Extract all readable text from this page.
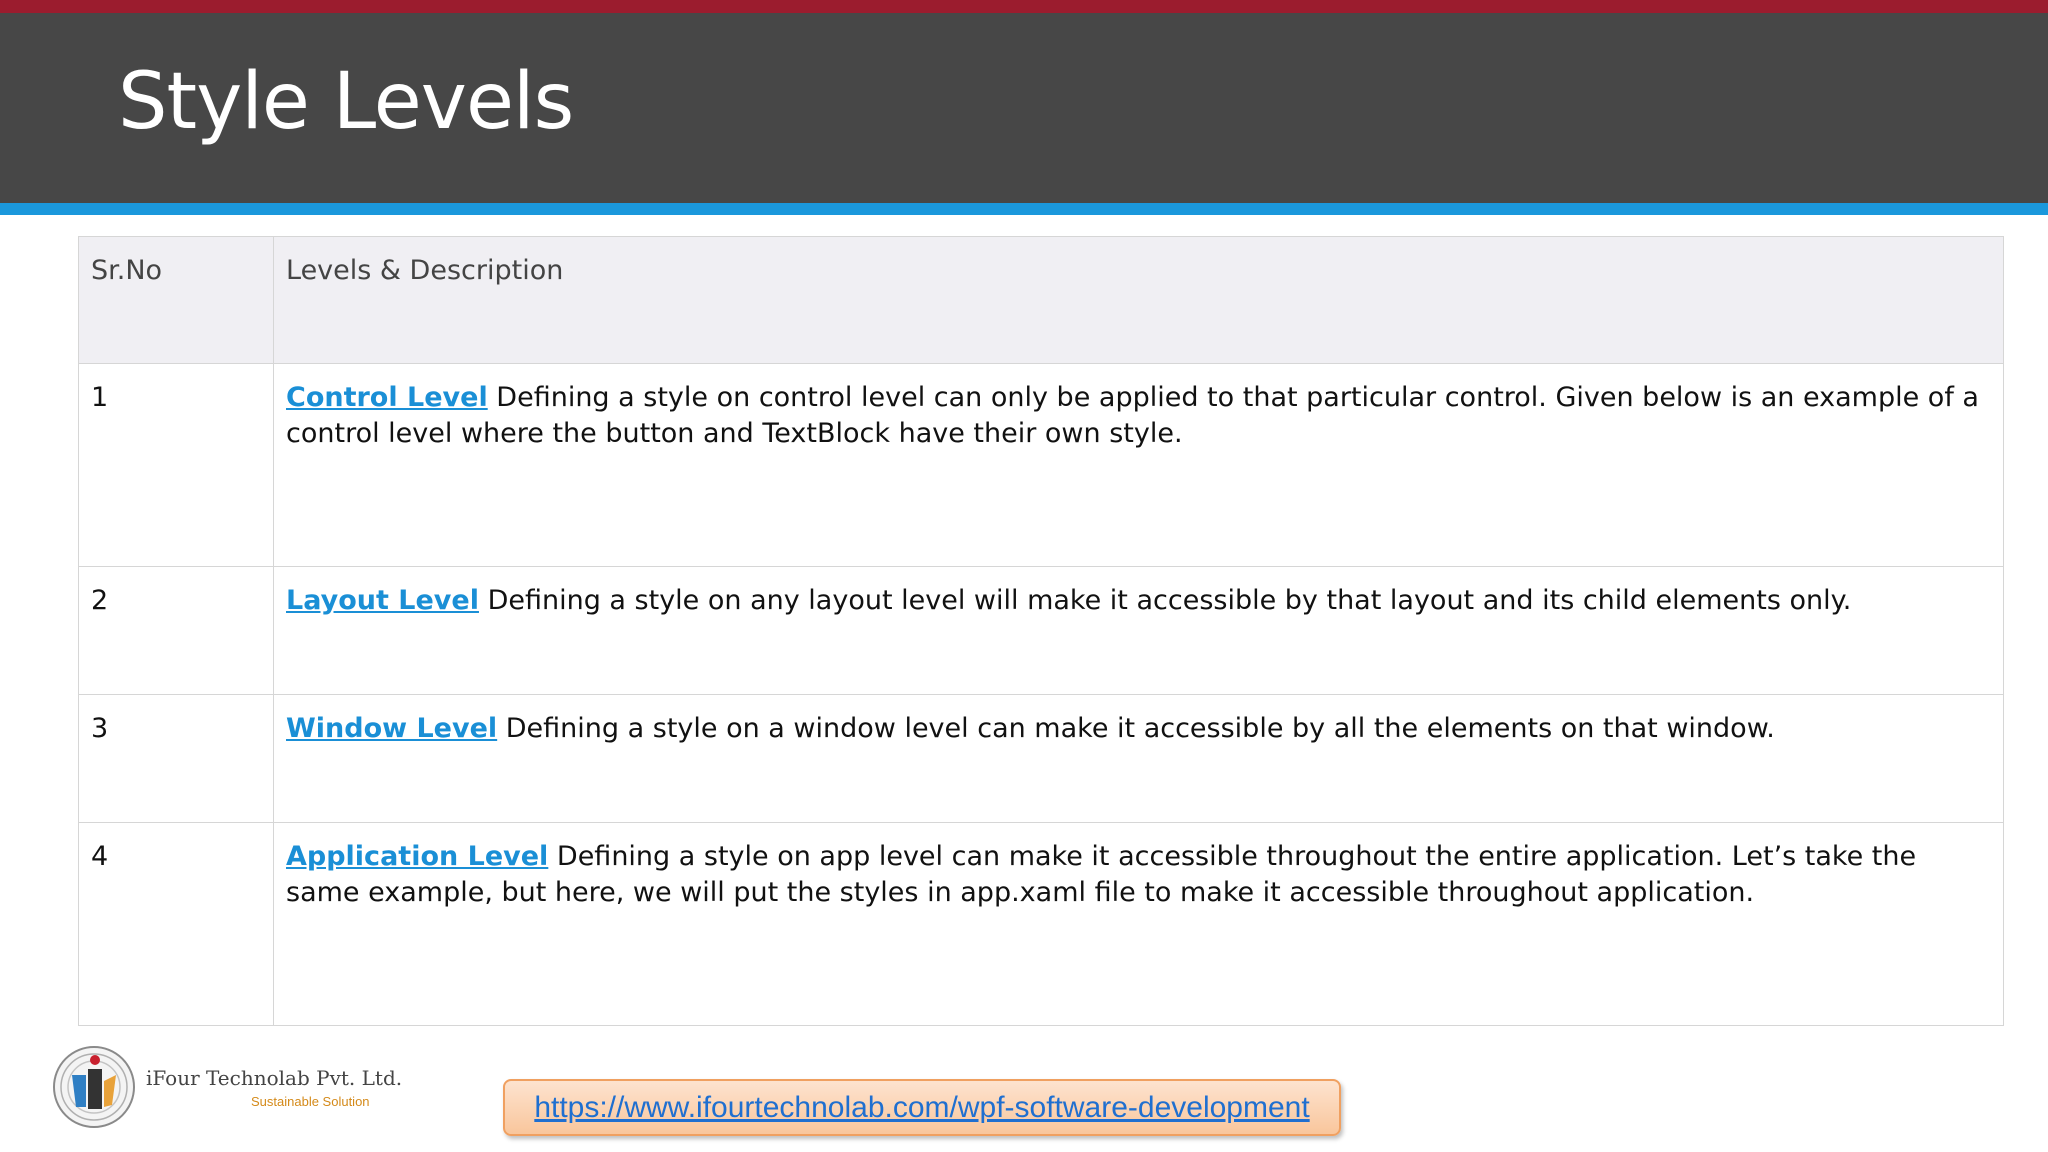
Style Levels
Sr.No	Levels & Description
1	Control Level Defining a style on control level can only be applied to that particular control. Given below is an example of a control level where the button and TextBlock have their own style.
2	Layout Level Defining a style on any layout level will make it accessible by that layout and its child elements only.
3	Window Level Defining a style on a window level can make it accessible by all the elements on that window.
4	Application Level Defining a style on app level can make it accessible throughout the entire application. Let’s take the same example, but here, we will put the styles in app.xaml file to make it accessible throughout application.
iFour Technolab Pvt. Ltd.
Sustainable Solution	https://www.ifourtechnolab.com/wpf-software-development
